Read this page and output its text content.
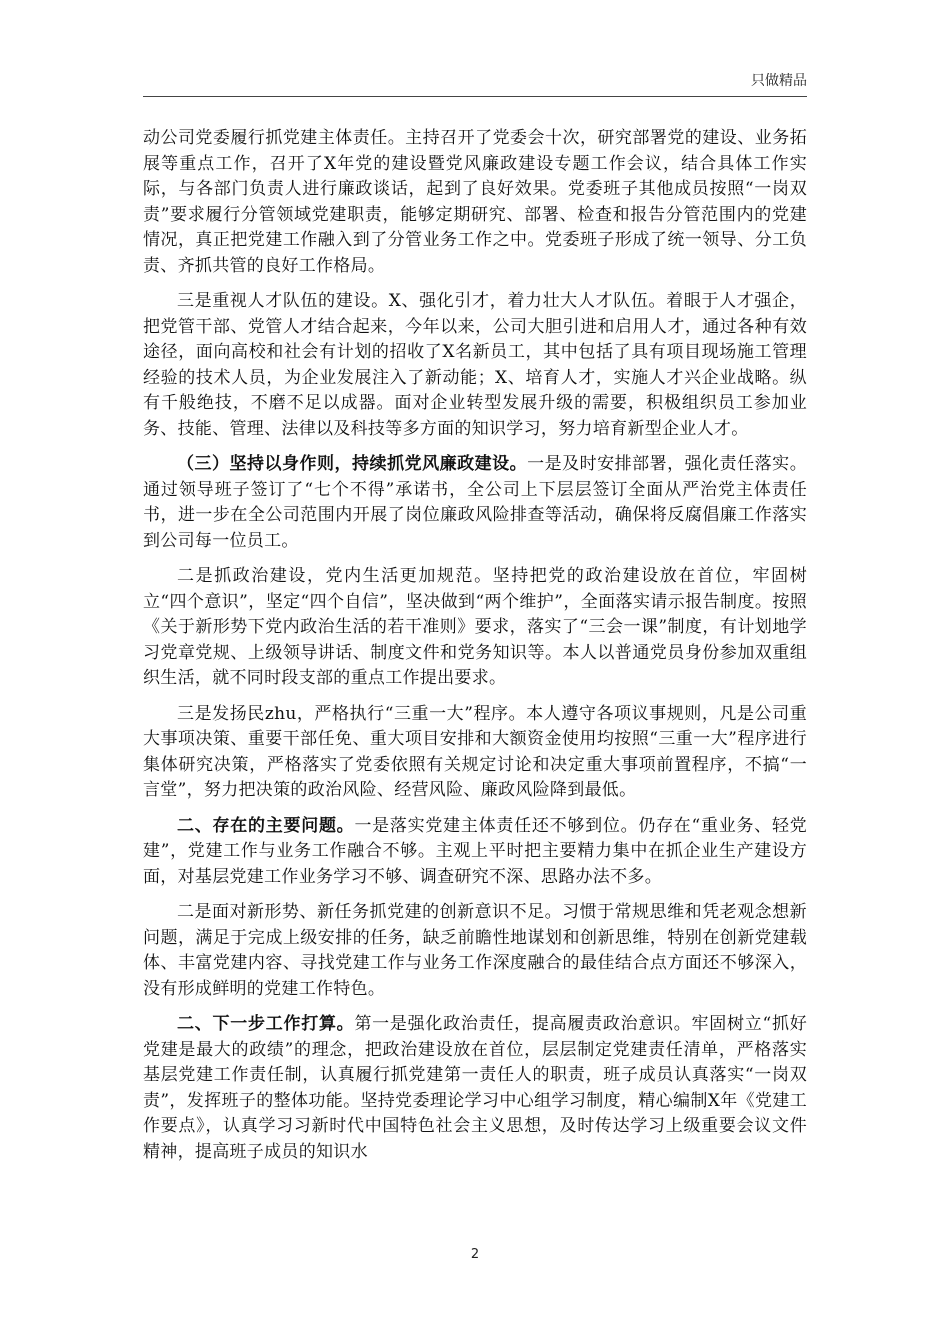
只做精品

动公司党委履行抓党建主体责任。主持召开了党委会十次，研究部署党的建设、业务拓展等重点工作，召开了X年党的建设暨党风廉政建设专题工作会议，结合具体工作实际，与各部门负责人进行廉政谈话，起到了良好效果。党委班子其他成员按照“一岗双责”要求履行分管领域党建职责，能够定期研究、部署、检查和报告分管范围内的党建情况，真正把党建工作融入到了分管业务工作之中。党委班子形成了统一领导、分工负责、齐抓共管的良好工作格局。

三是重视人才队伍的建设。X、强化引才，着力壮大人才队伍。着眼于人才强企，把党管干部、党管人才结合起来，今年以来，公司大胆引进和启用人才，通过各种有效途径，面向高校和社会有计划的招收了X名新员工，其中包括了具有项目现场施工管理经验的技术人员，为企业发展注入了新动能；X、培育人才，实施人才兴企业战略。纵有千般绝技，不磨不足以成器。面对企业转型发展升级的需要，积极组织员工参加业务、技能、管理、法律以及科技等多方面的知识学习，努力培育新型企业人才。

（三）坚持以身作则，持续抓党风廉政建设。一是及时安排部署，强化责任落实。通过领导班子签订了“七个不得”承诺书，全公司上下层层签订全面从严治党主体责任书，进一步在全公司范围内开展了岗位廉政风险排查等活动，确保将反腐倡廉工作落实到公司每一位员工。

二是抓政治建设，党内生活更加规范。坚持把党的政治建设放在首位，牢固树立“四个意识”，坚定“四个自信”，坚决做到“两个维护”，全面落实请示报告制度。按照《关于新形势下党内政治生活的若干准则》要求，落实了“三会一课”制度，有计划地学习党章党规、上级领导讲话、制度文件和党务知识等。本人以普通党员身份参加双重组织生活，就不同时段支部的重点工作提出要求。

三是发扬民zhu，严格执行“三重一大”程序。本人遵守各项议事规则，凡是公司重大事项决策、重要干部任免、重大项目安排和大额资金使用均按照“三重一大”程序进行集体研究决策，严格落实了党委依照有关规定讨论和决定重大事项前置程序，不搞“一言堂”，努力把决策的政治风险、经营风险、廉政风险降到最低。

二、存在的主要问题。一是落实党建主体责任还不够到位。仍存在“重业务、轻党建”，党建工作与业务工作融合不够。主观上平时把主要精力集中在抓企业生产建设方面，对基层党建工作业务学习不够、调查研究不深、思路办法不多。

二是面对新形势、新任务抓党建的创新意识不足。习惯于常规思维和凭老观念想新问题，满足于完成上级安排的任务，缺乏前瞻性地谋划和创新思维，特别在创新党建载体、丰富党建内容、寻找党建工作与业务工作深度融合的最佳结合点方面还不够深入，没有形成鲜明的党建工作特色。

二、下一步工作打算。第一是强化政治责任，提高履责政治意识。牢固树立“抓好党建是最大的政绩”的理念，把政治建设放在首位，层层制定党建责任清单，严格落实基层党建工作责任制，认真履行抓党建第一责任人的职责，班子成员认真落实“一岗双责”，发挥班子的整体功能。坚持党委理论学习中心组学习制度，精心编制X年《党建工作要点》，认真学习习新时代中国特色社会主义思想，及时传达学习上级重要会议文件精神，提高班子成员的知识水

2
